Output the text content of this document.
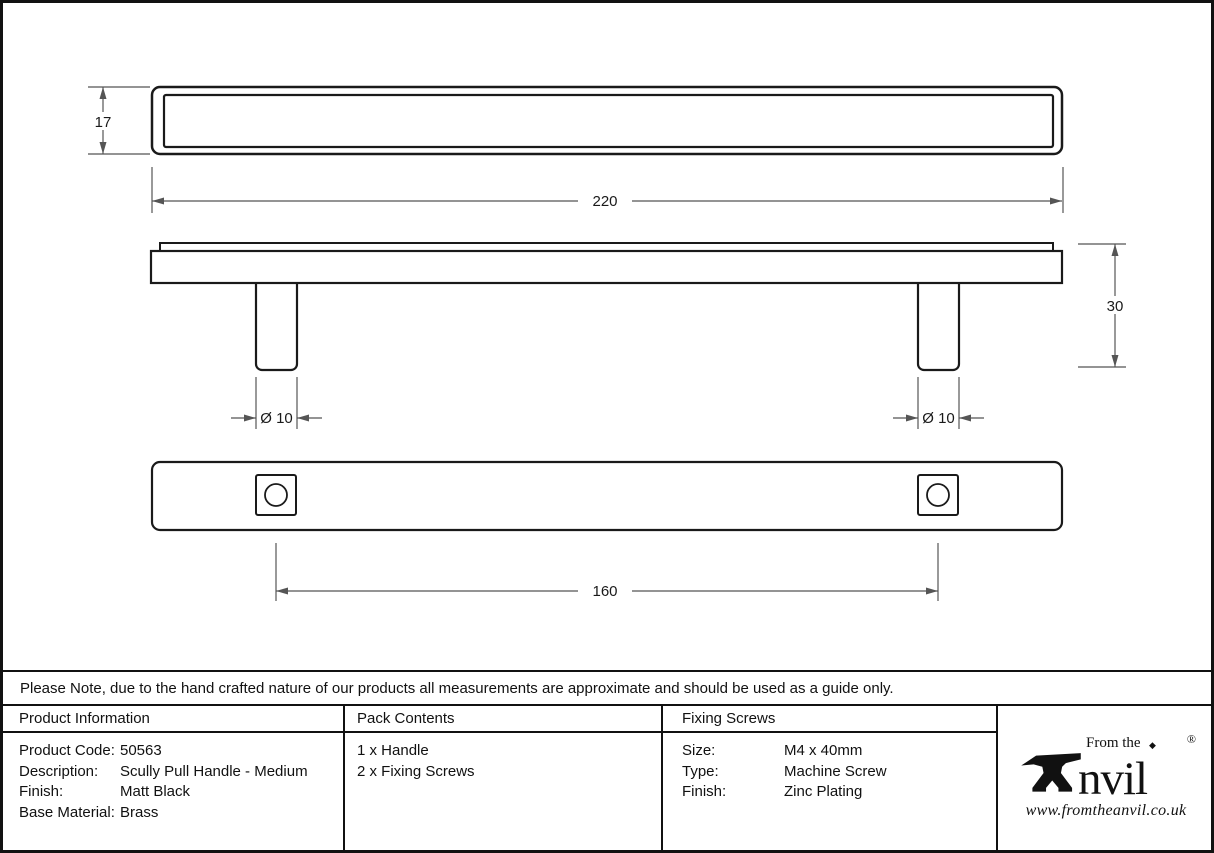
17
220
30
Ø 10	Ø 10
160
Please Note, due to the hand crafted nature of our products all measurements are approximate and should be used as a guide only.
Product Information
Product Code: 50563
Description:	Scully Pull Handle - Medium
Finish:	Matt Black
Base Material: Brass
Pack Contents
1 x Handle
2 x Fixing Screws
Fixing Screws
Size:	M4 x 40mm
Type:	Machine Screw
Finish:	Zinc Plating
From the ◆
nvil
®
www.fromtheanvil.co.uk
